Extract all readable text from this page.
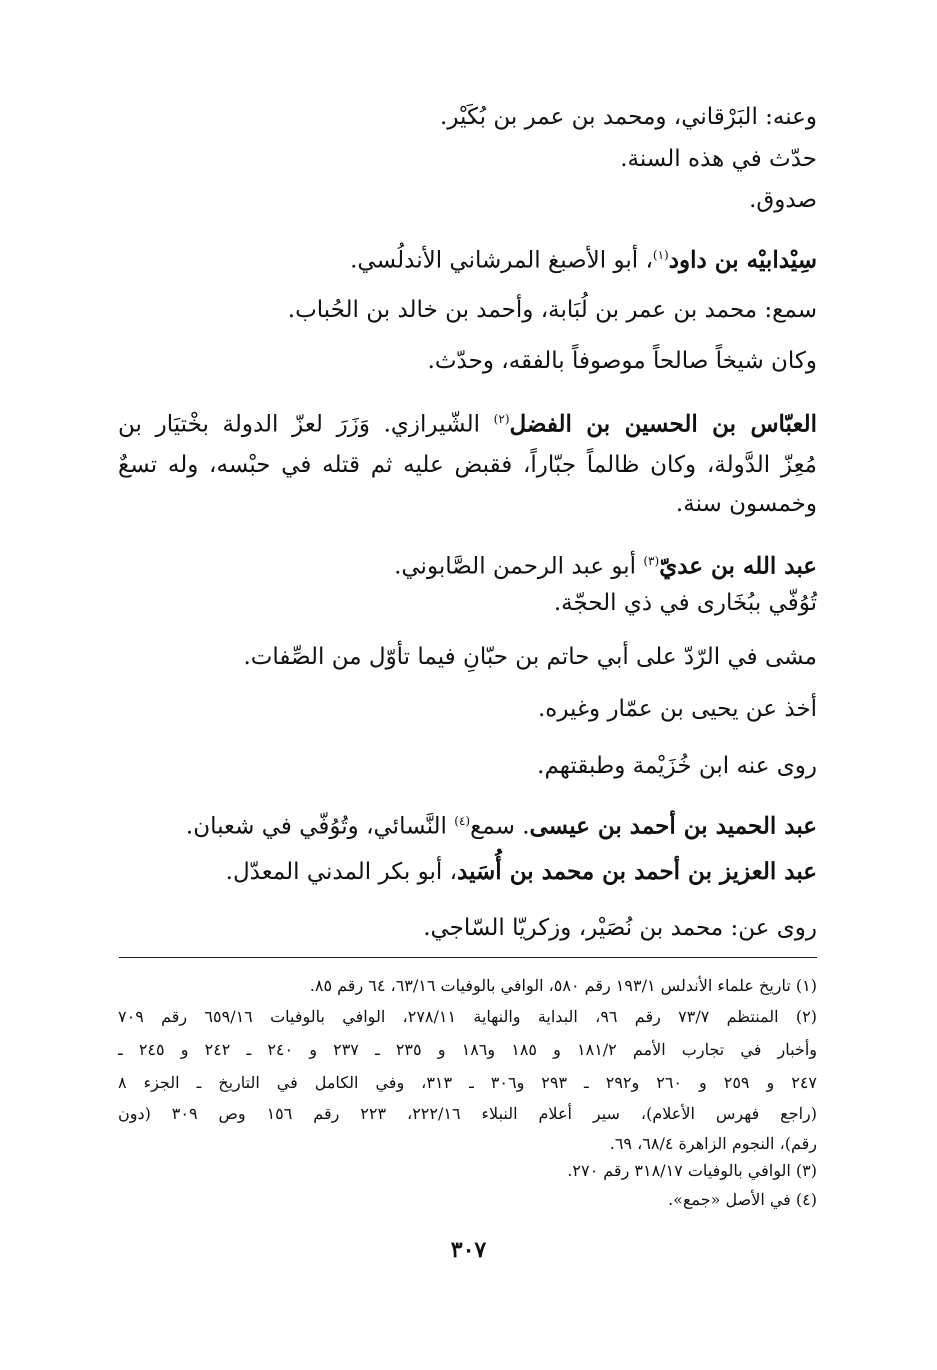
وعنه: البَرْقاني، ومحمد بن عمر بن بُكَيْر.
حدّث في هذه السنة.
صدوق.
سِيْدابيْه بن داود$^{(١)}$، أبو الأصبغ المرشاني الأندلُسي.
سمع: محمد بن عمر بن لُبَابة، وأحمد بن خالد بن الحُباب.
وكان شيخاً صالحاً موصوفاً بالفقه، وحدّث.
العبّاس بن الحسين بن الفضل$^{(٢)}$ الشّيرازي. وَزَرَ لعزّ الدولة بخْتيَار بن
مُعِزّ الدَّولة، وكان ظالماً جبّاراً، فقبض عليه ثم قتله في حبْسه، وله تسعٌ
وخمسون سنة.
عبد الله بن عديّ$^{(٣)}$ أبو عبد الرحمن الصَّابوني.
تُوُفّي ببُخَارى في ذي الحجّة.
مشى في الرّدّ على أبي حاتم بن حبّانِ فيما تأوّل من الصِّفات.
أخذ عن يحيى بن عمّار وغيره.
روى عنه ابن خُزَيْمة وطبقتهم.
عبد الحميد بن أحمد بن عيسى. سمع$^{(٤)}$ النَّسائي، وتُوُفّي في شعبان.
عبد العزيز بن أحمد بن محمد بن أُسَيد، أبو بكر المدني المعدّل.
روى عن: محمد بن نُصَيْر، وزكريّا السّاجي.
(١) تاريخ علماء الأندلس ١٩٣/١ رقم ٥٨٠، الوافي بالوفيات ٦٣/١٦، ٦٤ رقم ٨٥.
(٢) المنتظم ٧٣/٧ رقم ٩٦، البداية والنهاية ٢٧٨/١١، الوافي بالوفيات ٦٥٩/١٦ رقم ٧٠٩
وأخبار في تجارب الأمم ١٨١/٢ و ١٨٥ و١٨٦ و ٢٣٥ ـ ٢٣٧ و ٢٤٠ ـ ٢٤٢ و ٢٤٥ ـ
٢٤٧ و ٢٥٩ و ٢٦٠ و٢٩٢ ـ ٢٩٣ و٣٠٦ ـ ٣١٣، وفي الكامل في التاريخ ـ الجزء ٨
(راجع فهرس الأعلام)، سير أعلام النبلاء ٢٢٢/١٦، ٢٢٣ رقم ١٥٦ وص ٣٠٩ (دون
رقم)، النجوم الزاهرة ٦٨/٤، ٦٩.
(٣) الوافي بالوفيات ٣١٨/١٧ رقم ٢٧٠.
(٤) في الأصل «جمع».
٣٠٧
